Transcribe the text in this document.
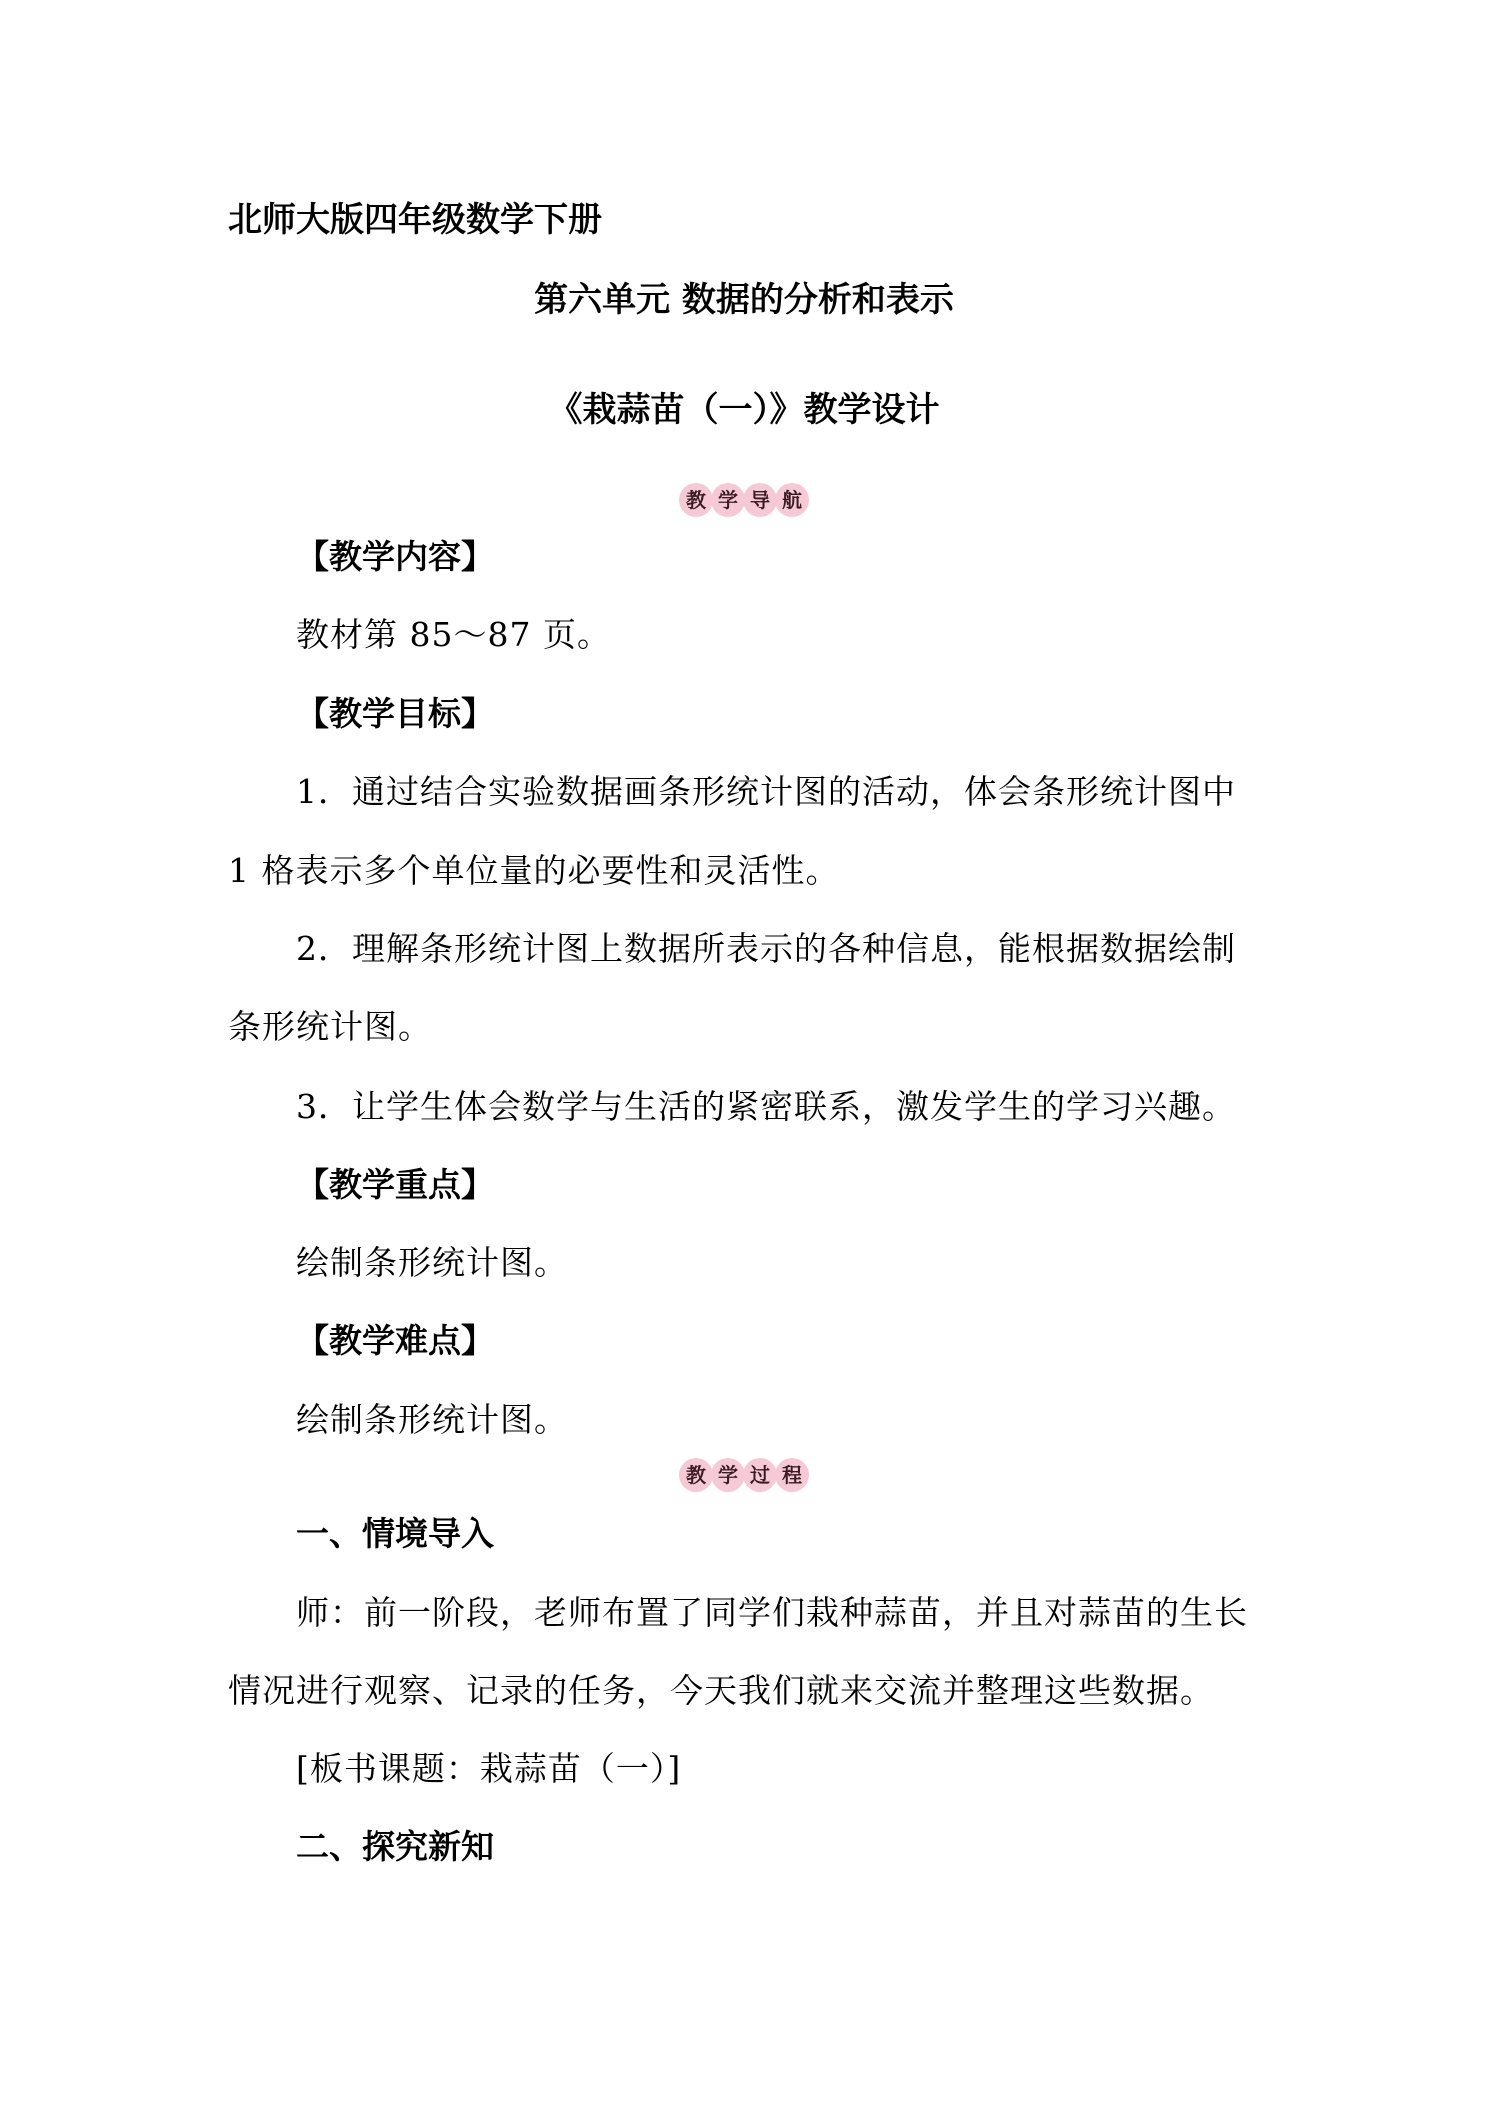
北师大版四年级数学下册
第六单元 数据的分析和表示
《栽蒜苗（一）》教学设计
教 学 导 航
【教学内容】
教材第 85～87 页。
【教学目标】
1．通过结合实验数据画条形统计图的活动，体会条形统计图中
1 格表示多个单位量的必要性和灵活性。
2．理解条形统计图上数据所表示的各种信息，能根据数据绘制
条形统计图。
3．让学生体会数学与生活的紧密联系，激发学生的学习兴趣。
【教学重点】
绘制条形统计图。
【教学难点】
绘制条形统计图。
教 学 过 程
一、情境导入
师：前一阶段，老师布置了同学们栽种蒜苗，并且对蒜苗的生长
情况进行观察、记录的任务，今天我们就来交流并整理这些数据。
[板书课题：栽蒜苗（一）]
二、探究新知
